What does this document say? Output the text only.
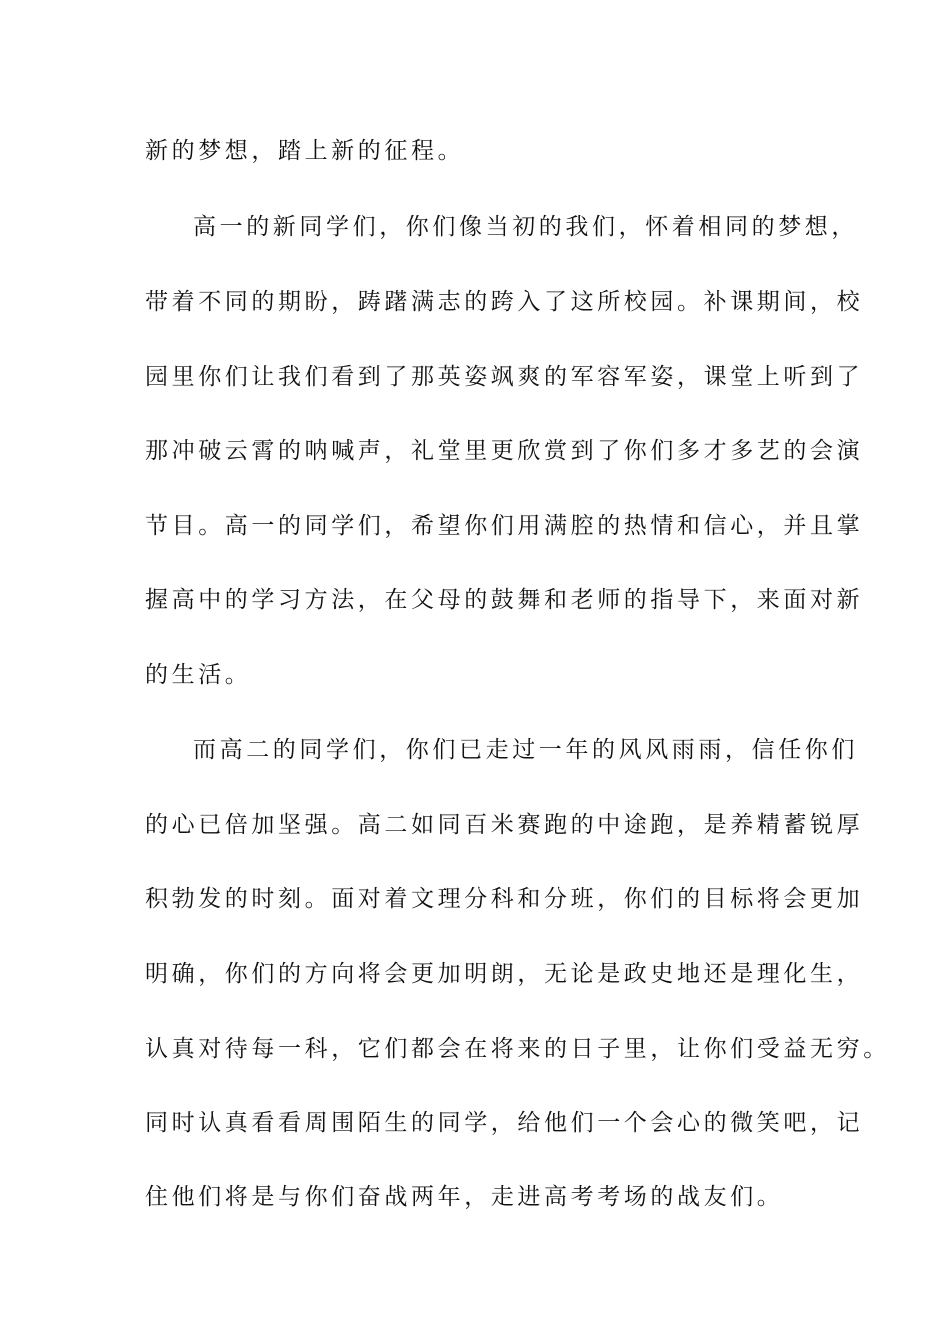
新的梦想，踏上新的征程。

高一的新同学们，你们像当初的我们，怀着相同的梦想，

带着不同的期盼，踌躇满志的跨入了这所校园。补课期间，校

园里你们让我们看到了那英姿飒爽的军容军姿，课堂上听到了

那冲破云霄的呐喊声，礼堂里更欣赏到了你们多才多艺的会演

节目。高一的同学们，希望你们用满腔的热情和信心，并且掌

握高中的学习方法，在父母的鼓舞和老师的指导下，来面对新

的生活。

而高二的同学们，你们已走过一年的风风雨雨，信任你们

的心已倍加坚强。高二如同百米赛跑的中途跑，是养精蓄锐厚

积勃发的时刻。面对着文理分科和分班，你们的目标将会更加

明确，你们的方向将会更加明朗，无论是政史地还是理化生，

认真对待每一科，它们都会在将来的日子里，让你们受益无穷。

同时认真看看周围陌生的同学，给他们一个会心的微笑吧，记

住他们将是与你们奋战两年，走进高考考场的战友们。
